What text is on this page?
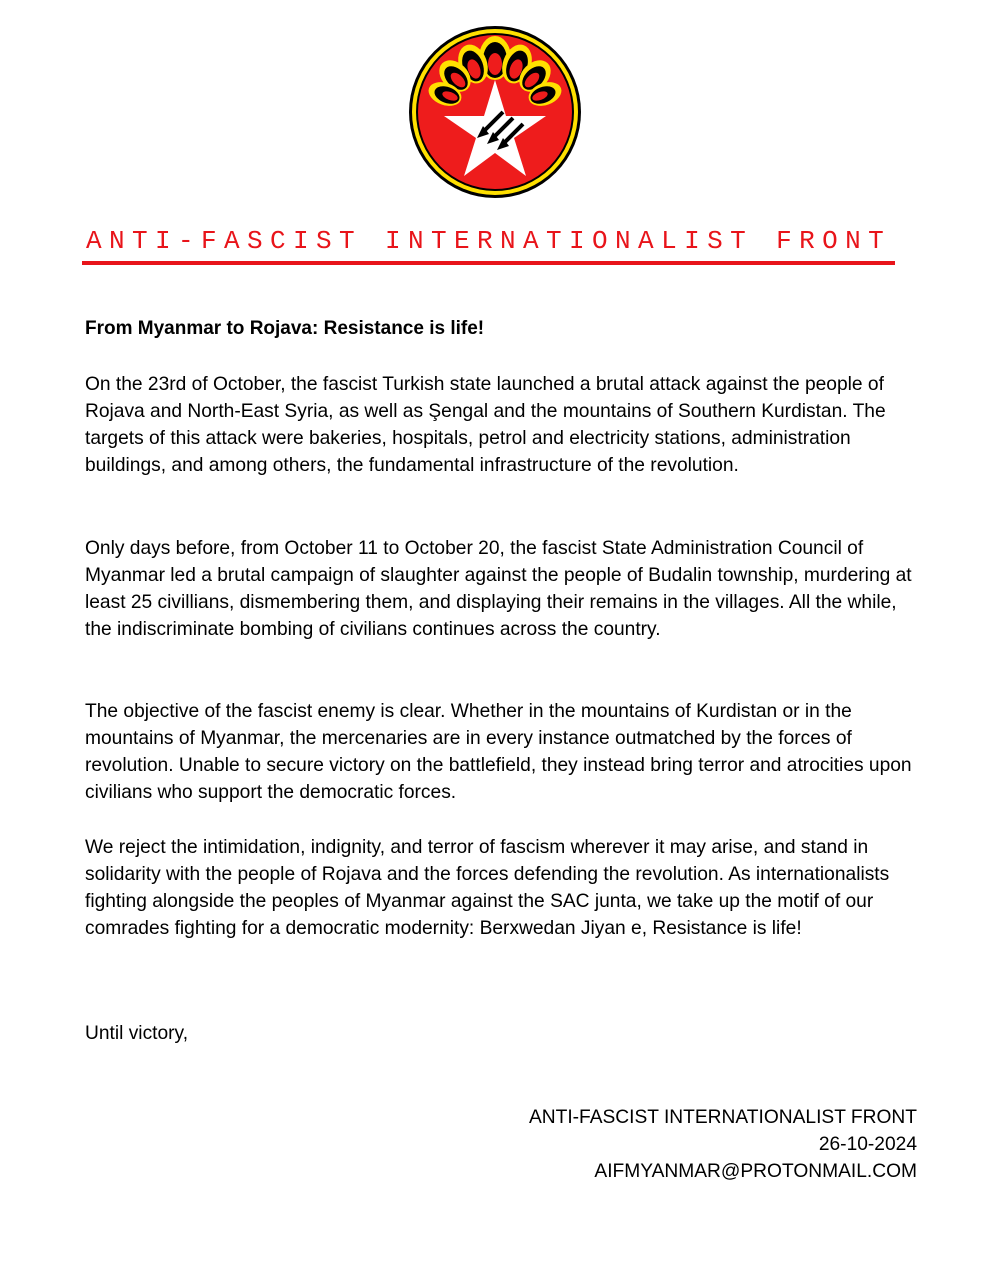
ANTI-FASCIST INTERNATIONALIST FRONT
From Myanmar to Rojava: Resistance is life!
On the 23rd of October, the fascist Turkish state launched a brutal attack against the people of Rojava and North-East Syria, as well as Şengal and the mountains of Southern Kurdistan. The targets of this attack were bakeries, hospitals, petrol and electricity stations, administration buildings, and among others, the fundamental infrastructure of the revolution.
Only days before, from October 11 to October 20, the fascist State Administration Council of Myanmar led a brutal campaign of slaughter against the people of Budalin township, murdering at least 25 civillians, dismembering them, and displaying their remains in the villages. All the while, the indiscriminate bombing of civilians continues across the country.
The objective of the fascist enemy is clear. Whether in the mountains of Kurdistan or in the mountains of Myanmar, the mercenaries are in every instance outmatched by the forces of revolution. Unable to secure victory on the battlefield, they instead bring terror and atrocities upon civilians who support the democratic forces.
We reject the intimidation, indignity, and terror of fascism wherever it may arise, and stand in solidarity with the people of Rojava and the forces defending the revolution. As internationalists fighting alongside the peoples of Myanmar against the SAC junta, we take up the motif of our comrades fighting for a democratic modernity: Berxwedan Jiyan e, Resistance is life!
Until victory,
ANTI-FASCIST INTERNATIONALIST FRONT
26-10-2024
AIFMYANMAR@PROTONMAIL.COM
